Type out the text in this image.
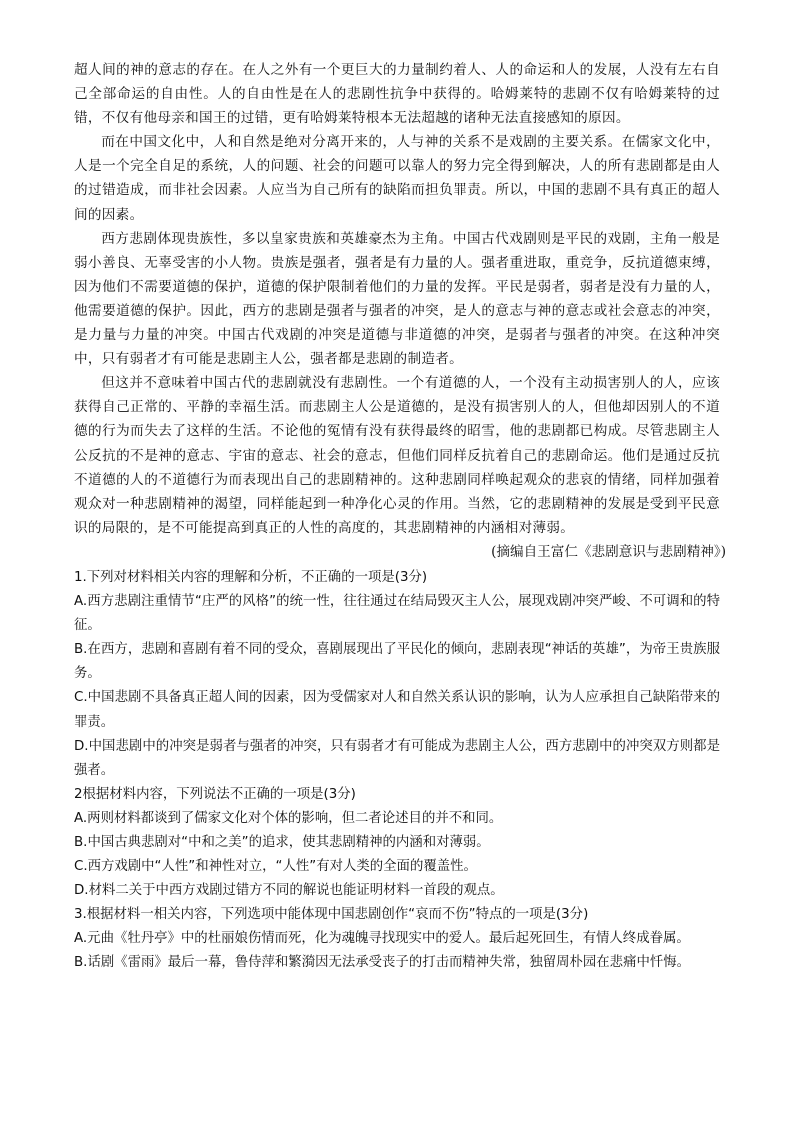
超人间的神的意志的存在。在人之外有一个更巨大的力量制约着人、人的命运和人的发展，人没有左右自己全部命运的自由性。人的自由性是在人的悲剧性抗争中获得的。哈姆莱特的悲剧不仅有哈姆莱特的过错，不仅有他母亲和国王的过错，更有哈姆莱特根本无法超越的诸种无法直接感知的原因。

而在中国文化中，人和自然是绝对分离开来的，人与神的关系不是戏剧的主要关系。在儒家文化中，人是一个完全自足的系统，人的问题、社会的问题可以靠人的努力完全得到解决，人的所有悲剧都是由人的过错造成，而非社会因素。人应当为自己所有的缺陷而担负罪责。所以，中国的悲剧不具有真正的超人间的因素。

西方悲剧体现贵族性，多以皇家贵族和英雄豪杰为主角。中国古代戏剧则是平民的戏剧，主角一般是弱小善良、无辜受害的小人物。贵族是强者，强者是有力量的人。强者重进取，重竞争，反抗道德束缚，因为他们不需要道德的保护，道德的保护限制着他们的力量的发挥。平民是弱者，弱者是没有力量的人，他需要道德的保护。因此，西方的悲剧是强者与强者的冲突，是人的意志与神的意志或社会意志的冲突，是力量与力量的冲突。中国古代戏剧的冲突是道德与非道德的冲突，是弱者与强者的冲突。在这种冲突中，只有弱者才有可能是悲剧主人公，强者都是悲剧的制造者。

但这并不意味着中国古代的悲剧就没有悲剧性。一个有道德的人，一个没有主动损害别人的人，应该获得自己正常的、平静的幸福生活。而悲剧主人公是道德的，是没有损害别人的人，但他却因别人的不道德的行为而失去了这样的生活。不论他的冤情有没有获得最终的昭雪，他的悲剧都已构成。尽管悲剧主人公反抗的不是神的意志、宇宙的意志、社会的意志，但他们同样反抗着自己的悲剧命运。他们是通过反抗不道德的人的不道德行为而表现出自己的悲剧精神的。这种悲剧同样唤起观众的悲哀的情绪，同样加强着观众对一种悲剧精神的渴望，同样能起到一种净化心灵的作用。当然，它的悲剧精神的发展是受到平民意识的局限的，是不可能提高到真正的人性的高度的，其悲剧精神的内涵相对薄弱。

(摘编自王富仁《悲剧意识与悲剧精神》)

1.下列对材料相关内容的理解和分析，不正确的一项是(3分)

A.西方悲剧注重情节“庄严的风格”的统一性，往往通过在结局毁灭主人公，展现戏剧冲突严峻、不可调和的特征。

B.在西方，悲剧和喜剧有着不同的受众，喜剧展现出了平民化的倾向，悲剧表现“神话的英雄”，为帝王贵族服务。

C.中国悲剧不具备真正超人间的因素，因为受儒家对人和自然关系认识的影响，认为人应承担自己缺陷带来的罪责。

D.中国悲剧中的冲突是弱者与强者的冲突，只有弱者才有可能成为悲剧主人公，西方悲剧中的冲突双方则都是强者。

2根据材料内容，下列说法不正确的一项是(3分)

A.两则材料都谈到了儒家文化对个体的影响，但二者论述目的并不和同。

B.中国古典悲剧对“中和之美”的追求，使其悲剧精神的内涵和对薄弱。

C.西方戏剧中“人性”和神性对立，“人性”有对人类的全面的覆盖性。

D.材料二关于中西方戏剧过错方不同的解说也能证明材料一首段的观点。

3.根据材料一相关内容，下列选项中能体现中国悲剧创作“哀而不伤”特点的一项是(3分)

A.元曲《牡丹亭》中的杜丽娘伤情而死，化为魂魄寻找现实中的爱人。最后起死回生，有情人终成眷属。

B.话剧《雷雨》最后一幕，鲁侍萍和繁漪因无法承受丧子的打击而精神失常，独留周朴园在悲痛中忏悔。
